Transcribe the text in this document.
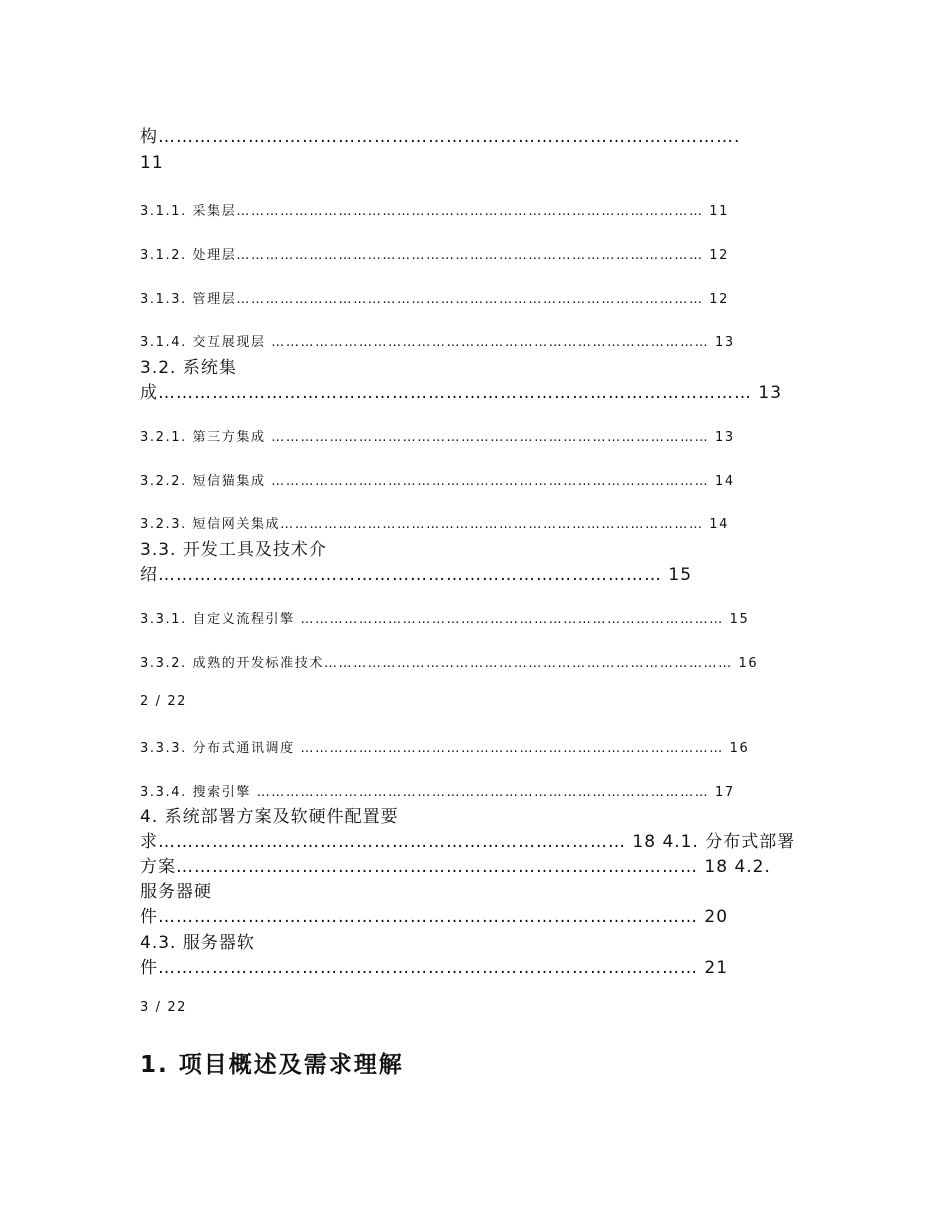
构…………………………………………………………………………………….
11
3.1.1. 采集层…………………………………………………………………………………… 11
3.1.2. 处理层…………………………………………………………………………………… 12
3.1.3. 管理层…………………………………………………………………………………… 12
3.1.4. 交互展现层 ……………………………………………………………………………… 13
3.2. 系统集
成……………………………………………………………………………………… 13
3.2.1. 第三方集成 ……………………………………………………………………………… 13
3.2.2. 短信猫集成 ……………………………………………………………………………… 14
3.2.3. 短信网关集成…………………………………………………………………………… 14
3.3. 开发工具及技术介
绍………………………………………………………………………… 15
3.3.1. 自定义流程引擎 …………………………………………………………………………… 15
3.3.2. 成熟的开发标准技术………………………………………………………………………… 16
2 / 22
3.3.3. 分布式通讯调度 …………………………………………………………………………… 16
3.3.4. 搜索引擎 ………………………………………………………………………………… 17
4. 系统部署方案及软硬件配置要
求…………………………………………………………………… 18 4.1. 分布式部署
方案…………………………………………………………………………… 18 4.2.
服务器硬
件……………………………………………………………………………… 20
4.3. 服务器软
件……………………………………………………………………………… 21
3 / 22
1. 项目概述及需求理解
